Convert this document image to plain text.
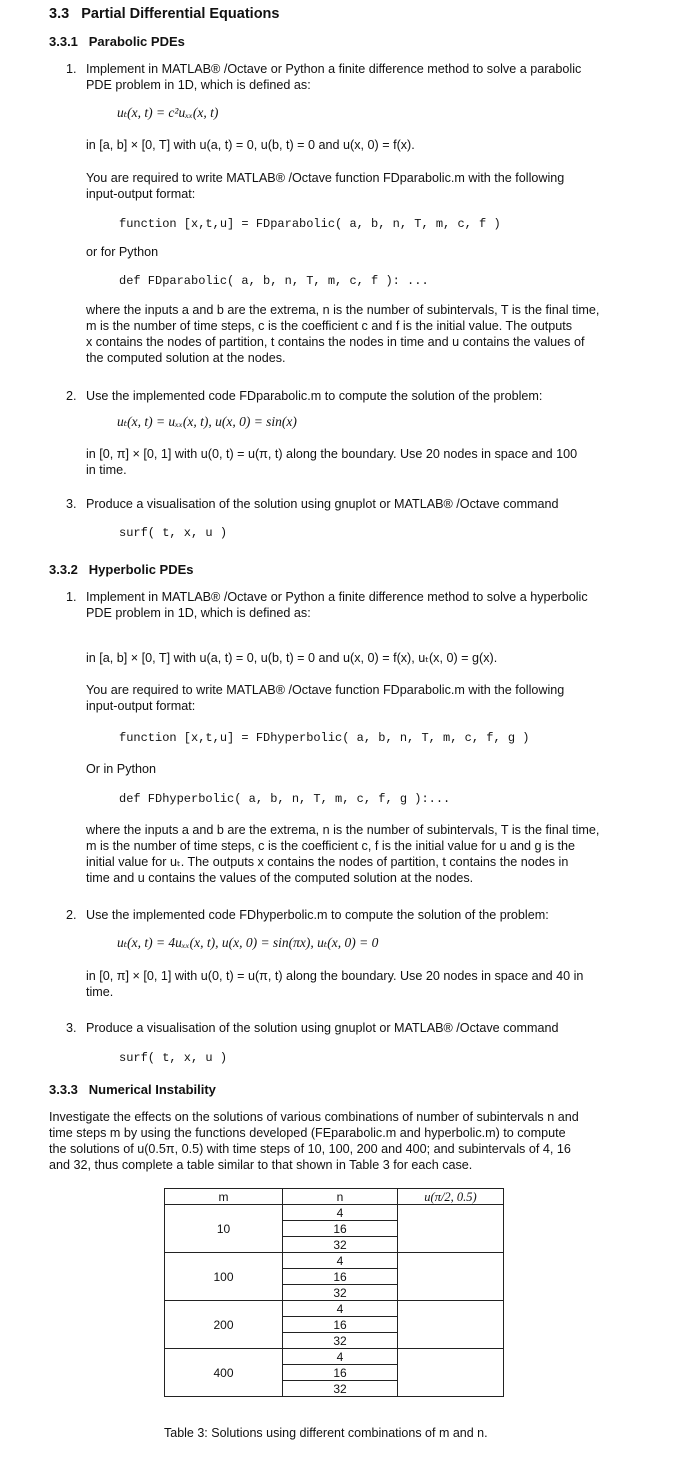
3.3 Partial Differential Equations
3.3.1 Parabolic PDEs
1. Implement in MATLAB® /Octave or Python a finite difference method to solve a parabolic
PDE problem in 1D, which is defined as:
uₜ(x, t) = c²uₓₓ(x, t)
in [a, b] × [0, T] with u(a, t) = 0, u(b, t) = 0 and u(x, 0) = f(x).
You are required to write MATLAB® /Octave function FDparabolic.m with the following
input-output format:
function [x,t,u] = FDparabolic( a, b, n, T, m, c, f )
or for Python
def FDparabolic( a, b, n, T, m, c, f ): ...
where the inputs a and b are the extrema, n is the number of subintervals, T is the final time,
m is the number of time steps, c is the coefficient c and f is the initial value. The outputs
x contains the nodes of partition, t contains the nodes in time and u contains the values of
the computed solution at the nodes.
2. Use the implemented code FDparabolic.m to compute the solution of the problem:
uₜ(x, t) = uₓₓ(x, t), u(x, 0) = sin(x)
in [0, π] × [0, 1] with u(0, t) = u(π, t) along the boundary. Use 20 nodes in space and 100
in time.
3. Produce a visualisation of the solution using gnuplot or MATLAB® /Octave command
surf( t, x, u )
3.3.2 Hyperbolic PDEs
1. Implement in MATLAB® /Octave or Python a finite difference method to solve a hyperbolic
PDE problem in 1D, which is defined as:
in [a, b] × [0, T] with u(a, t) = 0, u(b, t) = 0 and u(x, 0) = f(x), uₜ(x, 0) = g(x).
You are required to write MATLAB® /Octave function FDparabolic.m with the following
input-output format:
function [x,t,u] = FDhyperbolic( a, b, n, T, m, c, f, g )
Or in Python
def FDhyperbolic( a, b, n, T, m, c, f, g ):...
where the inputs a and b are the extrema, n is the number of subintervals, T is the final time,
m is the number of time steps, c is the coefficient c, f is the initial value for u and g is the
initial value for uₜ. The outputs x contains the nodes of partition, t contains the nodes in
time and u contains the values of the computed solution at the nodes.
2. Use the implemented code FDhyperbolic.m to compute the solution of the problem:
uₜ(x, t) = 4uₓₓ(x, t), u(x, 0) = sin(πx), uₜ(x, 0) = 0
in [0, π] × [0, 1] with u(0, t) = u(π, t) along the boundary. Use 20 nodes in space and 40 in
time.
3. Produce a visualisation of the solution using gnuplot or MATLAB® /Octave command
surf( t, x, u )
3.3.3 Numerical Instability
Investigate the effects on the solutions of various combinations of number of subintervals n and
time steps m by using the functions developed (FEparabolic.m and hyperbolic.m) to compute
the solutions of u(0.5π, 0.5) with time steps of 10, 100, 200 and 400; and subintervals of 4, 16
and 32, thus complete a table similar to that shown in Table 3 for each case.
m	n	u(π/2, 0.5)
10	4	
	16	
	32	
100	4	
	16	
	32	
200	4	
	16	
	32	
400	4	
	16	
	32	
Table 3: Solutions using different combinations of m and n.
